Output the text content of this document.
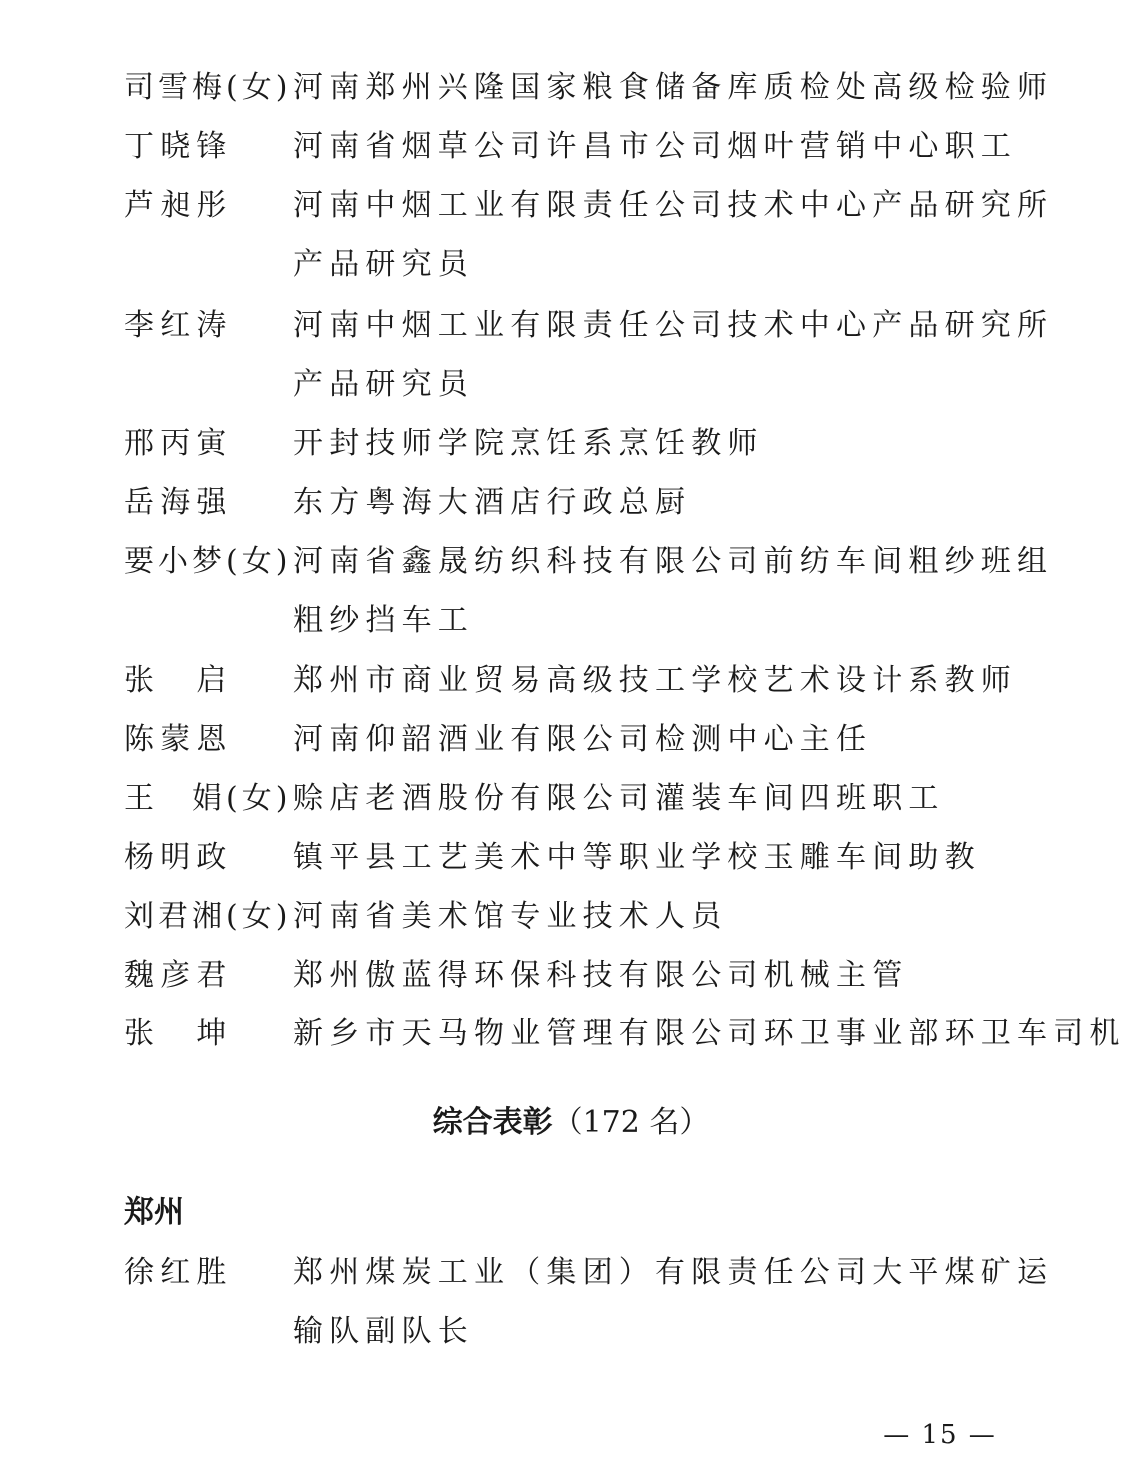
司雪梅(女)河南郑州兴隆国家粮食储备库质检处高级检验师
丁晓锋 河南省烟草公司许昌市公司烟叶营销中心职工
芦昶彤 河南中烟工业有限责任公司技术中心产品研究所
产品研究员
李红涛 河南中烟工业有限责任公司技术中心产品研究所
产品研究员
邢丙寅 开封技师学院烹饪系烹饪教师
岳海强 东方粤海大酒店行政总厨
要小梦(女)河南省鑫晟纺织科技有限公司前纺车间粗纱班组
粗纱挡车工
张　启 郑州市商业贸易高级技工学校艺术设计系教师
陈蒙恩 河南仰韶酒业有限公司检测中心主任
王　娟(女)赊店老酒股份有限公司灌装车间四班职工
杨明政 镇平县工艺美术中等职业学校玉雕车间助教
刘君湘(女)河南省美术馆专业技术人员
魏彦君 郑州傲蓝得环保科技有限公司机械主管
张　坤 新乡市天马物业管理有限公司环卫事业部环卫车司机
综合表彰（172 名）
郑州
徐红胜 郑州煤炭工业（集团）有限责任公司大平煤矿运
输队副队长
— 15 —
